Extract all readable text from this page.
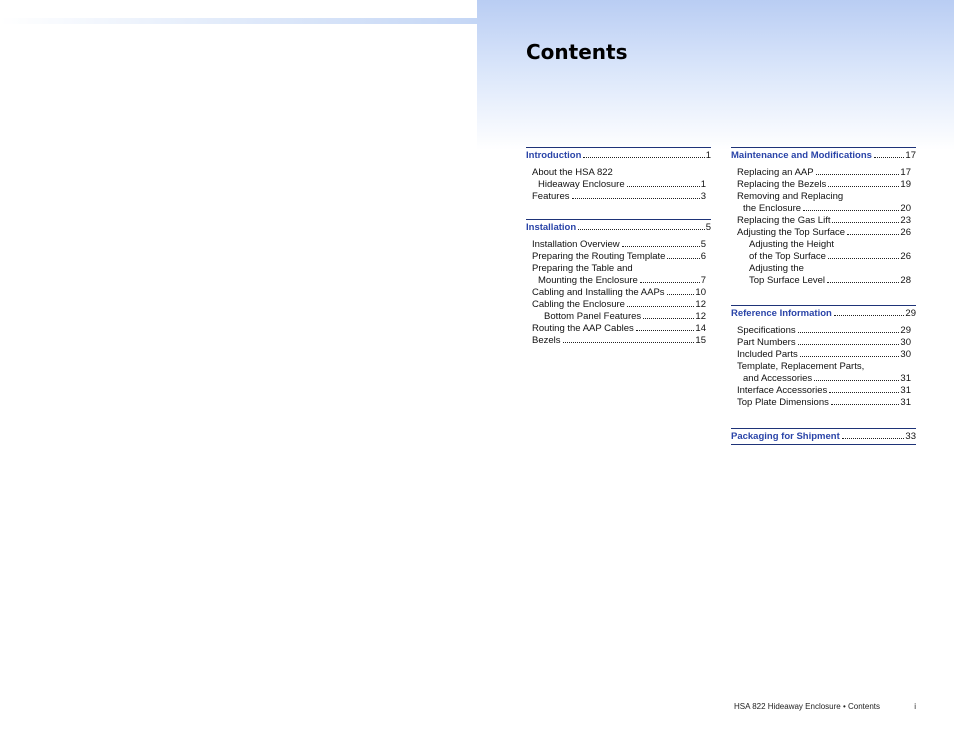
Contents
Introduction	1
About the HSA 822
Hideaway Enclosure	1
Features	3
Installation	5
Installation Overview	5
Preparing the Routing Template	6
Preparing the Table and
Mounting the Enclosure	7
Cabling and Installing the AAPs	10
Cabling the Enclosure	12
Bottom Panel Features	12
Routing the AAP Cables	14
Bezels	15
Maintenance and Modifications	17
Replacing an AAP	17
Replacing the Bezels	19
Removing and Replacing
the Enclosure	20
Replacing the Gas Lift	23
Adjusting the Top Surface	26
Adjusting the Height
of the Top Surface	26
Adjusting the
Top Surface Level	28
Reference Information	29
Specifications	29
Part Numbers	30
Included Parts	30
Template, Replacement Parts,
and Accessories	31
Interface Accessories	31
Top Plate Dimensions	31
Packaging for Shipment	33
HSA 822 Hideaway Enclosure • Contents	i
